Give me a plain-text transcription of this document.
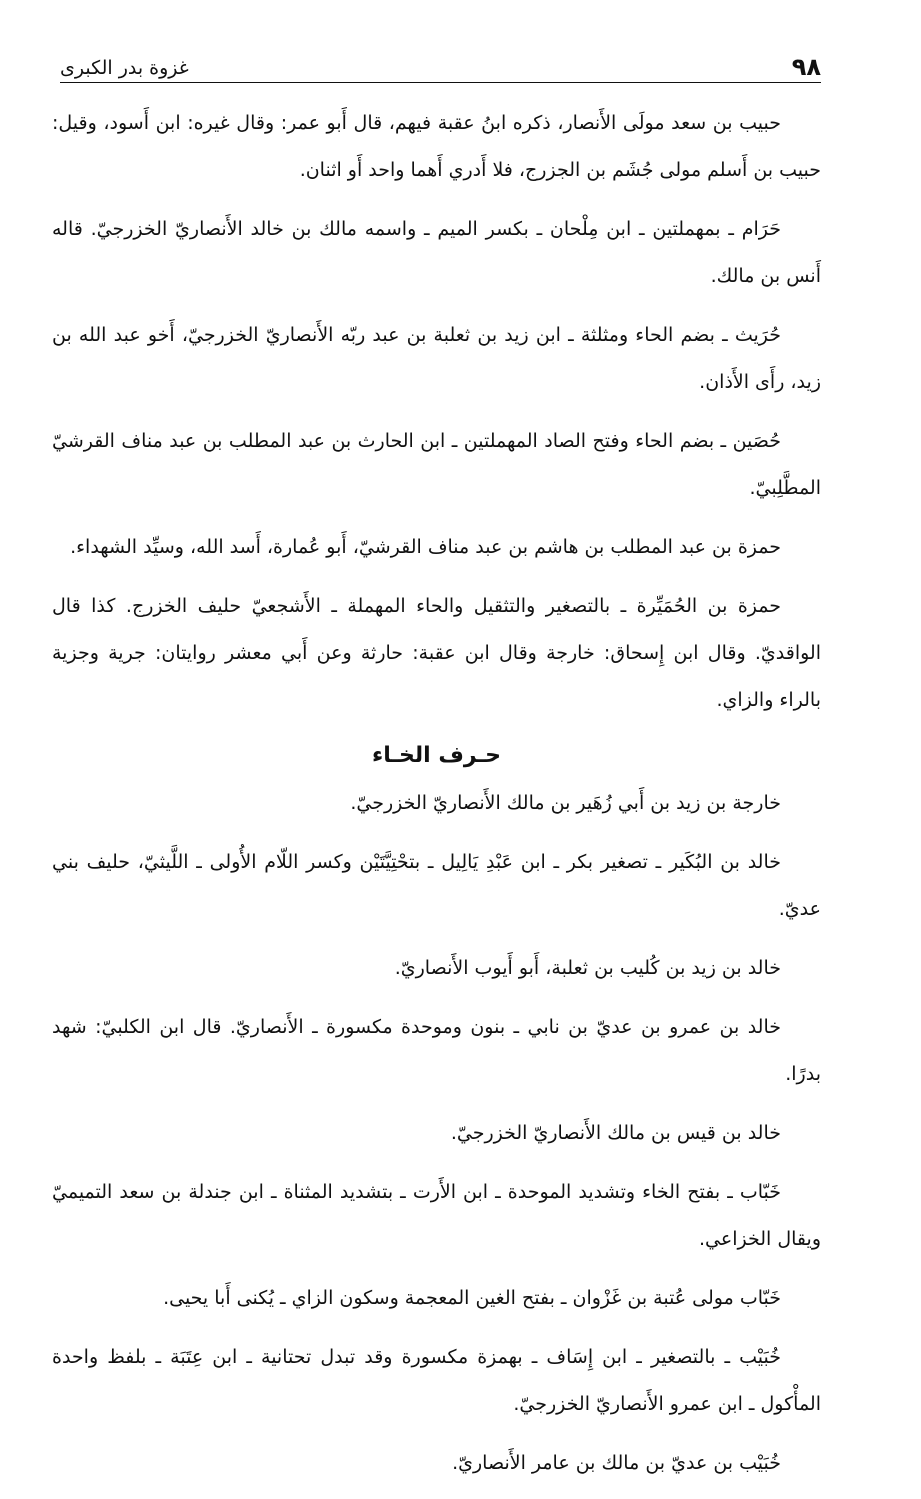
٩٨
غزوة بدر الكبرى

حبيب بن سعد مولَى الأَنصار، ذكره ابنُ عقبة فيهم، قال أَبو عمر: وقال غيره: ابن أَسود، وقيل: حبيب بن أَسلم مولى جُشَم بن الجزرج، فلا أَدري أَهما واحد أَو اثنان.

حَرَام ـ بمهملتين ـ ابن مِلْحان ـ بكسر الميم ـ واسمه مالك بن خالد الأَنصاريّ الخزرجيّ. قاله أَنس بن مالك.

حُرَيث ـ بضم الحاء ومثلثة ـ ابن زيد بن ثعلبة بن عبد ربّه الأَنصاريّ الخزرجيّ، أَخو عبد الله بن زيد، رأَى الأَذان.

حُصَين ـ بضم الحاء وفتح الصاد المهملتين ـ ابن الحارث بن عبد المطلب بن عبد مناف القرشيّ المطَّلِبيّ.

حمزة بن عبد المطلب بن هاشم بن عبد مناف القرشيّ، أَبو عُمارة، أَسد الله، وسيِّد الشهداء.

حمزة بن الحُمَيِّرة ـ بالتصغير والتثقيل والحاء المهملة ـ الأَشجعيّ حليف الخزرج. كذا قال الواقديّ. وقال ابن إِسحاق: خارجة وقال ابن عقبة: حارثة وعن أَبي معشر روايتان: جرية وجزية بالراء والزاي.

حـرف الخـاء

خارجة بن زيد بن أَبي زُهَير بن مالك الأَنصاريّ الخزرجيّ.

خالد بن البُكَير ـ تصغير بكر ـ ابن عَبْدِ يَالِيل ـ بتحْتِيَّتَيْن وكسر اللّام الأُولى ـ اللَّيثيّ، حليف بني عديّ.

خالد بن زيد بن كُليب بن ثعلبة، أَبو أَيوب الأَنصاريّ.

خالد بن عمرو بن عديّ بن نابي ـ بنون وموحدة مكسورة ـ الأَنصاريّ. قال ابن الكلبيّ: شهد بدرًا.

خالد بن قيس بن مالك الأَنصاريّ الخزرجيّ.

خَبّاب ـ بفتح الخاء وتشديد الموحدة ـ ابن الأَرت ـ بتشديد المثناة ـ ابن جندلة بن سعد التميميّ ويقال الخزاعي.

خَبّاب مولى عُتبة بن غَزْوان ـ بفتح الغين المعجمة وسكون الزاي ـ يُكنى أَبا يحيى.

خُبَيْب ـ بالتصغير ـ ابن إِسَاف ـ بهمزة مكسورة وقد تبدل تحتانية ـ ابن عِتَبَة ـ بلفظ واحدة المأْكول ـ ابن عمرو الأَنصاريّ الخزرجيّ.

خُبَيْب بن عديّ بن مالك بن عامر الأَنصاريّ.
